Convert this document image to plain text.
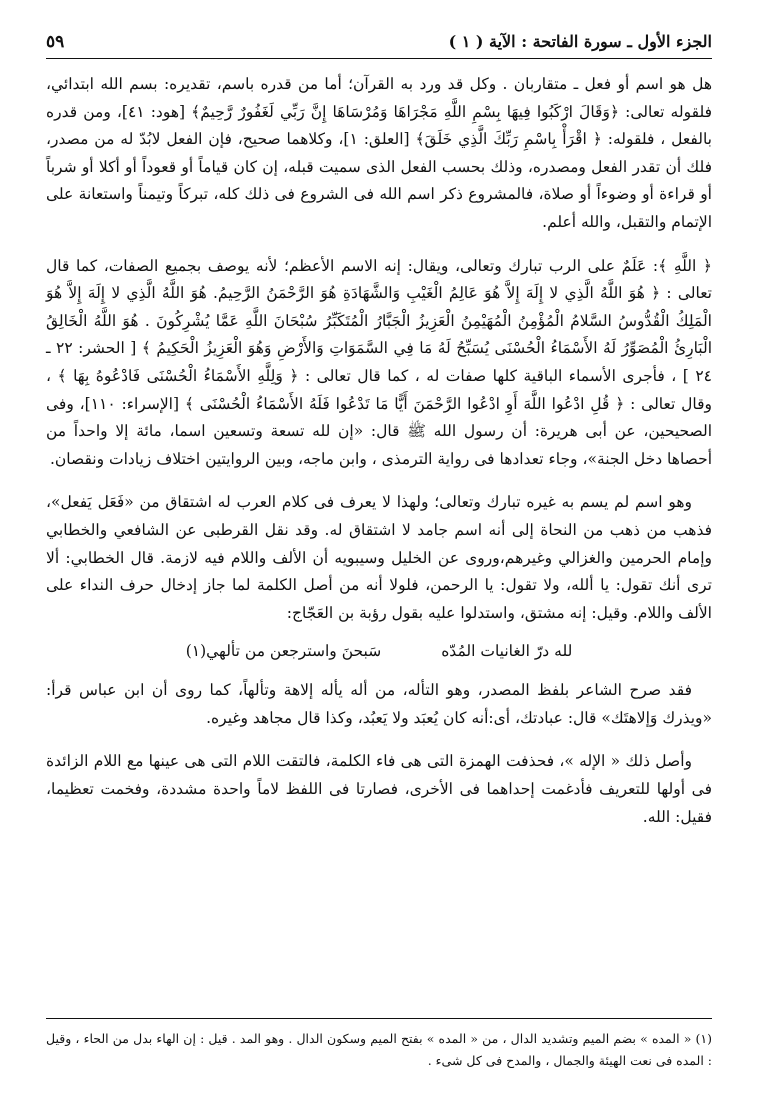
الجزء الأول ـ سورة الفاتحة : الآية ( ١ )
٥٩

هل هو اسم أو فعل ـ متقاربان . وكل قد ورد به القرآن؛ أما من قدره باسم، تقديره: بسم الله ابتدائي، فلقوله تعالى: ﴿وَقَالَ ارْكَبُوا فِيهَا بِسْمِ اللَّهِ مَجْرَاهَا وَمُرْسَاهَا إِنَّ رَبِّي لَغَفُورٌ رَّحِيمٌ﴾ [هود: ٤١]، ومن قدره بالفعل ، فلقوله: ﴿ اقْرَأْ بِاسْمِ رَبِّكَ الَّذِي خَلَقَ﴾ [العلق: ١]، وكلاهما صحيح، فإن الفعل لابُدّ له من مصدر، فلك أن تقدر الفعل ومصدره، وذلك بحسب الفعل الذى سميت قبله، إن كان قياماً أو قعوداً أو أكلا أو شرباً أو قراءة أو وضوءاً أو صلاة، فالمشروع ذكر اسم الله فى الشروع فى ذلك كله، تبركاً وتيمناً واستعانة على الإتمام والتقبل، والله أعلم.

﴿ اللَّهِ ﴾: عَلَمٌ على الرب تبارك وتعالى، ويقال: إنه الاسم الأعظم؛ لأنه يوصف بجميع الصفات، كما قال تعالى : ﴿ هُوَ اللَّهُ الَّذِي لا إِلَهَ إِلاَّ هُوَ عَالِمُ الْغَيْبِ وَالشَّهَادَةِ هُوَ الرَّحْمَنُ الرَّحِيمُ. هُوَ اللَّهُ الَّذِي لا إِلَهَ إِلاَّ هُوَ الْمَلِكُ الْقُدُّوسُ السَّلامُ الْمُؤْمِنُ الْمُهَيْمِنُ الْعَزِيزُ الْجَبَّارُ الْمُتَكَبِّرُ سُبْحَانَ اللَّهِ عَمَّا يُشْرِكُونَ . هُوَ اللَّهُ الْخَالِقُ الْبَارِئُ الْمُصَوِّرُ لَهُ الأَسْمَاءُ الْحُسْنَى يُسَبِّحُ لَهُ مَا فِي السَّمَوَاتِ وَالأَرْضِ وَهُوَ الْعَزِيزُ الْحَكِيمُ ﴾ [ الحشر: ٢٢ ـ ٢٤ ] ، فأجرى الأسماء الباقية كلها صفات له ، كما قال تعالى : ﴿ وَلِلَّهِ الأَسْمَاءُ الْحُسْنَى فَادْعُوهُ بِهَا ﴾ ، وقال تعالى : ﴿ قُلِ ادْعُوا اللَّهَ أَوِ ادْعُوا الرَّحْمَنَ أَيًّا مَا تَدْعُوا فَلَهُ الأَسْمَاءُ الْحُسْنَى ﴾ [الإسراء: ١١٠]، وفى الصحيحين، عن أبى هريرة: أن رسول الله ﷺ قال: «إن لله تسعة وتسعين اسما، مائة إلا واحداً من أحصاها دخل الجنة»، وجاء تعدادها فى رواية الترمذى ، وابن ماجه، وبين الروايتين اختلاف زيادات ونقصان.

وهو اسم لم يسم به غيره تبارك وتعالى؛ ولهذا لا يعرف فى كلام العرب له اشتقاق من «فَعَل يَفعل»، فذهب من ذهب من النحاة إلى أنه اسم جامد لا اشتقاق له. وقد نقل القرطبى عن الشافعي والخطابي وإمام الحرمين والغزالي وغيرهم،وروى عن الخليل وسيبويه أن الألف واللام فيه لازمة. قال الخطابي: ألا ترى أنك تقول: يا ألله، ولا تقول: يا الرحمن، فلولا أنه من أصل الكلمة لما جاز إدخال حرف النداء على الألف واللام. وقيل: إنه مشتق، واستدلوا عليه بقول رؤبة بن العَجّاج:

لله درّ الغانيات المُدّه
سَبحنَ واسترجعن من تألهي(١)

فقد صرح الشاعر بلفظ المصدر، وهو التأله، من أله يأله إلاهة وتألهاً، كما روى أن ابن عباس قرأ: «ويذرك وَإلاهتَك» قال: عبادتك، أى:أنه كان يُعبَد ولا يَعبُد، وكذا قال مجاهد وغيره.

وأصل ذلك « الإله »، فحذفت الهمزة التى هى فاء الكلمة، فالتقت اللام التى هى عينها مع اللام الزائدة فى أولها للتعريف فأدغمت إحداهما فى الأخرى، فصارتا فى اللفظ لاماً واحدة مشددة، وفخمت تعظيما، فقيل: الله.

(١) « المده » بضم الميم وتشديد الدال ، من « المده » بفتح الميم وسكون الدال . وهو المد . قيل : إن الهاء بدل من الحاء ، وقيل : المده فى نعت الهيئة والجمال ، والمدح فى كل شىء .
